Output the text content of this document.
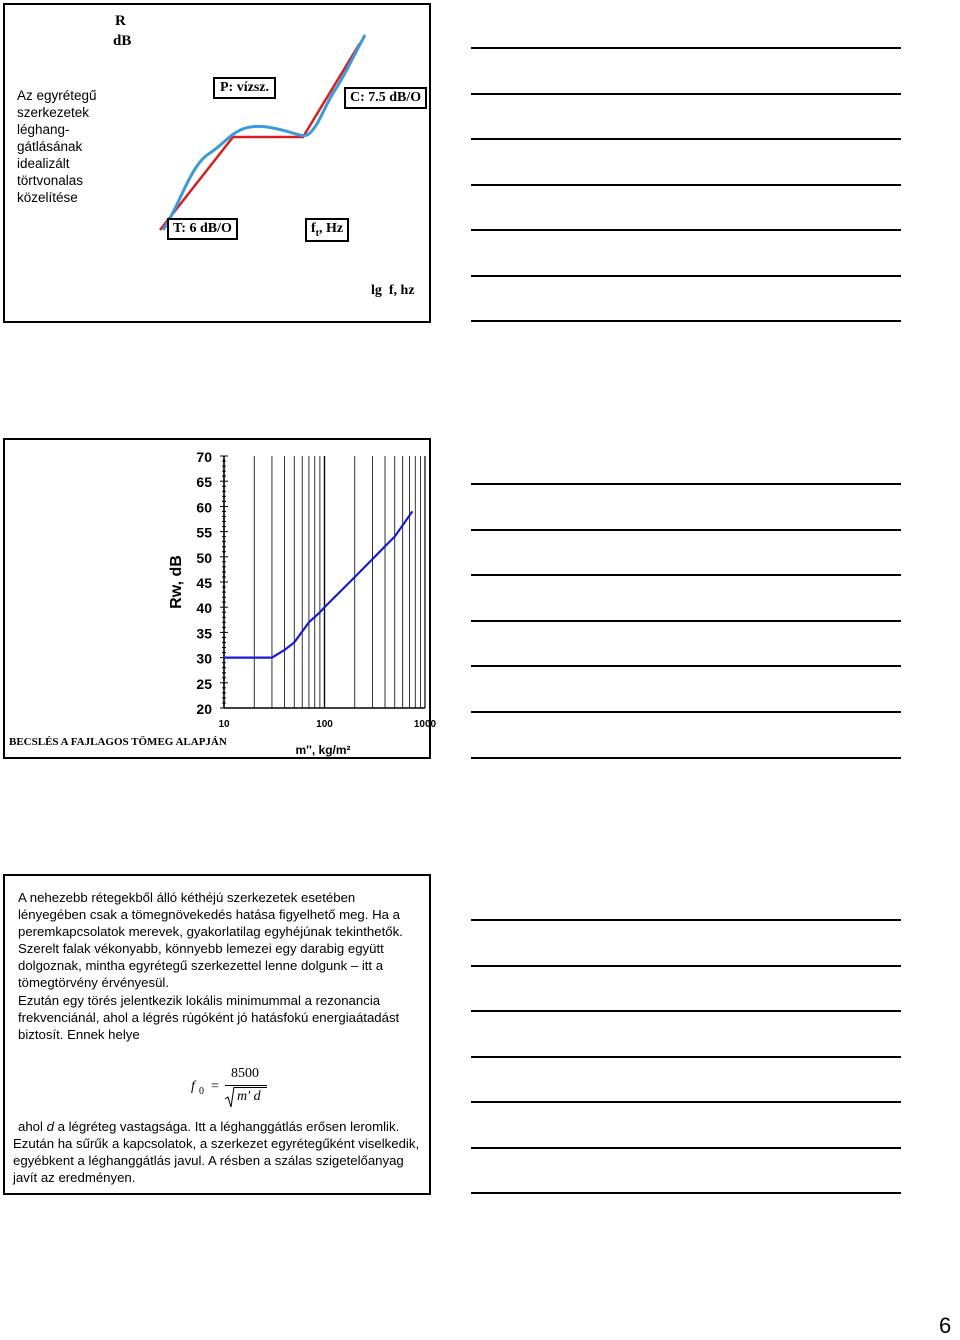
Az egyrétegű
szerkezetek
léghang-
gátlásának
idealizált
törtvonalas
közelítése
R
dB
P: vízsz.
C: 7.5 dB/O
T: 6 dB/O	$f_t$, Hz
lg  f, hz
20
25
30
35
40
45
50
55
60
65
70
10	100	1000
m'', kg/m²
Rw, dB
BECSLÉS A FAJLAGOS TÖMEG ALAPJÁN
A nehezebb rétegekből álló kéthéjú szerkezetek esetében lényegében csak a tömegnövekedés hatása figyelhető meg. Ha a peremkapcsolatok merevek, gyakorlatilag egyhéjúnak tekinthetők.
Szerelt falak vékonyabb, könnyebb lemezei egy darabig együtt dolgoznak, mintha egyrétegű szerkezettel lenne dolgunk – itt a tömegtörvény érvényesül.
Ezután egy törés jelentkezik lokális minimummal a rezonancia frekvenciánál, ahol a légrés rúgóként jó hatásfokú energiaátadást biztosít. Ennek helye
f 0 =
8500
m' d
ahol d a légréteg vastagsága. Itt a léghanggátlás erősen leromlik.
Ezután ha sűrűk a kapcsolatok, a szerkezet egyrétegűként viselkedik, egyébkent a léghanggátlás javul. A résben a szálas szigetelőanyag javít az eredményen.
6
